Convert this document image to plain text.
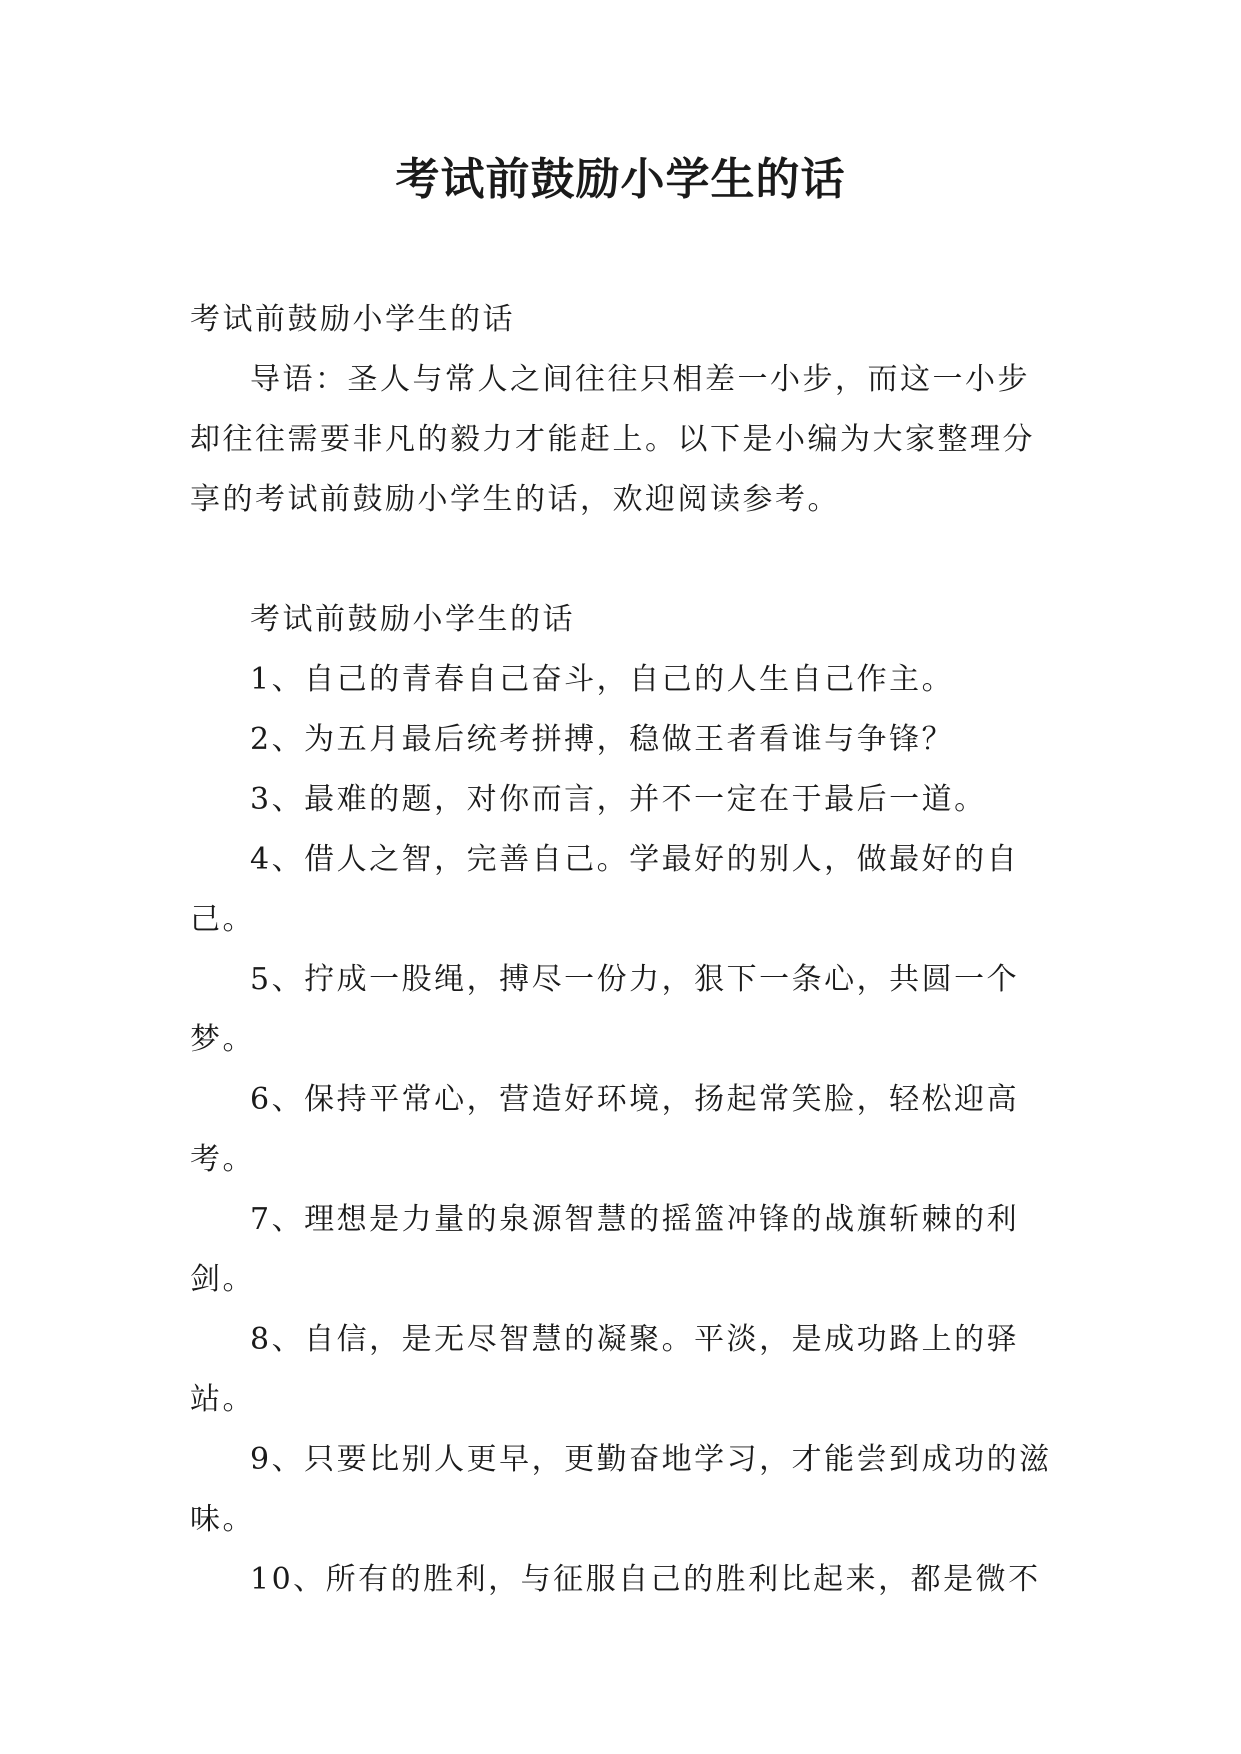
考试前鼓励小学生的话

考试前鼓励小学生的话

导语：圣人与常人之间往往只相差一小步，而这一小步却往往需要非凡的毅力才能赶上。以下是小编为大家整理分享的考试前鼓励小学生的话，欢迎阅读参考。

考试前鼓励小学生的话

1、自己的青春自己奋斗，自己的人生自己作主。

2、为五月最后统考拼搏，稳做王者看谁与争锋？

3、最难的题，对你而言，并不一定在于最后一道。

4、借人之智，完善自己。学最好的别人，做最好的自己。

5、拧成一股绳，搏尽一份力，狠下一条心，共圆一个梦。

6、保持平常心，营造好环境，扬起常笑脸，轻松迎高考。

7、理想是力量的泉源智慧的摇篮冲锋的战旗斩棘的利剑。

8、自信，是无尽智慧的凝聚。平淡，是成功路上的驿站。

9、只要比别人更早，更勤奋地学习，才能尝到成功的滋味。

10、所有的胜利，与征服自己的胜利比起来，都是微不
